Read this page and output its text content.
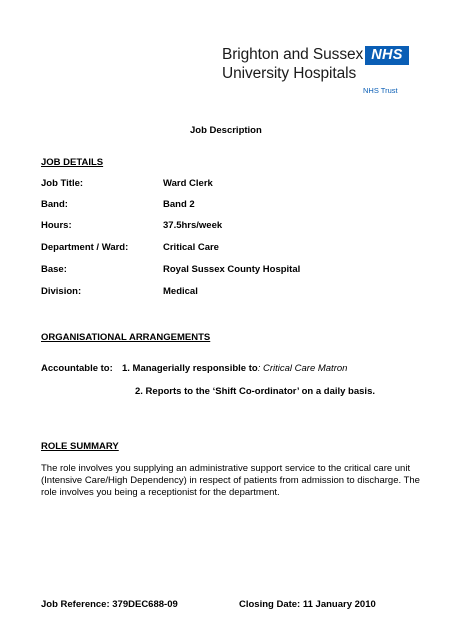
Brighton and Sussex
University Hospitals
NHS
NHS Trust
Job Description
JOB DETAILS
Job Title:	Ward Clerk
Band:	Band 2
Hours:	37.5hrs/week
Department / Ward:	Critical Care
Base:	Royal Sussex County Hospital
Division:	Medical
ORGANISATIONAL ARRANGEMENTS
Accountable to: 1. Managerially responsible to: Critical Care Matron
2. Reports to the ‘Shift Co-ordinator’ on a daily basis.
ROLE SUMMARY
The role involves you supplying an administrative support service to the critical care unit (Intensive Care/High Dependency) in respect of patients from admission to discharge. The role involves you being a receptionist for the department.
Job Reference: 379DEC688-09	Closing Date: 11 January 2010
